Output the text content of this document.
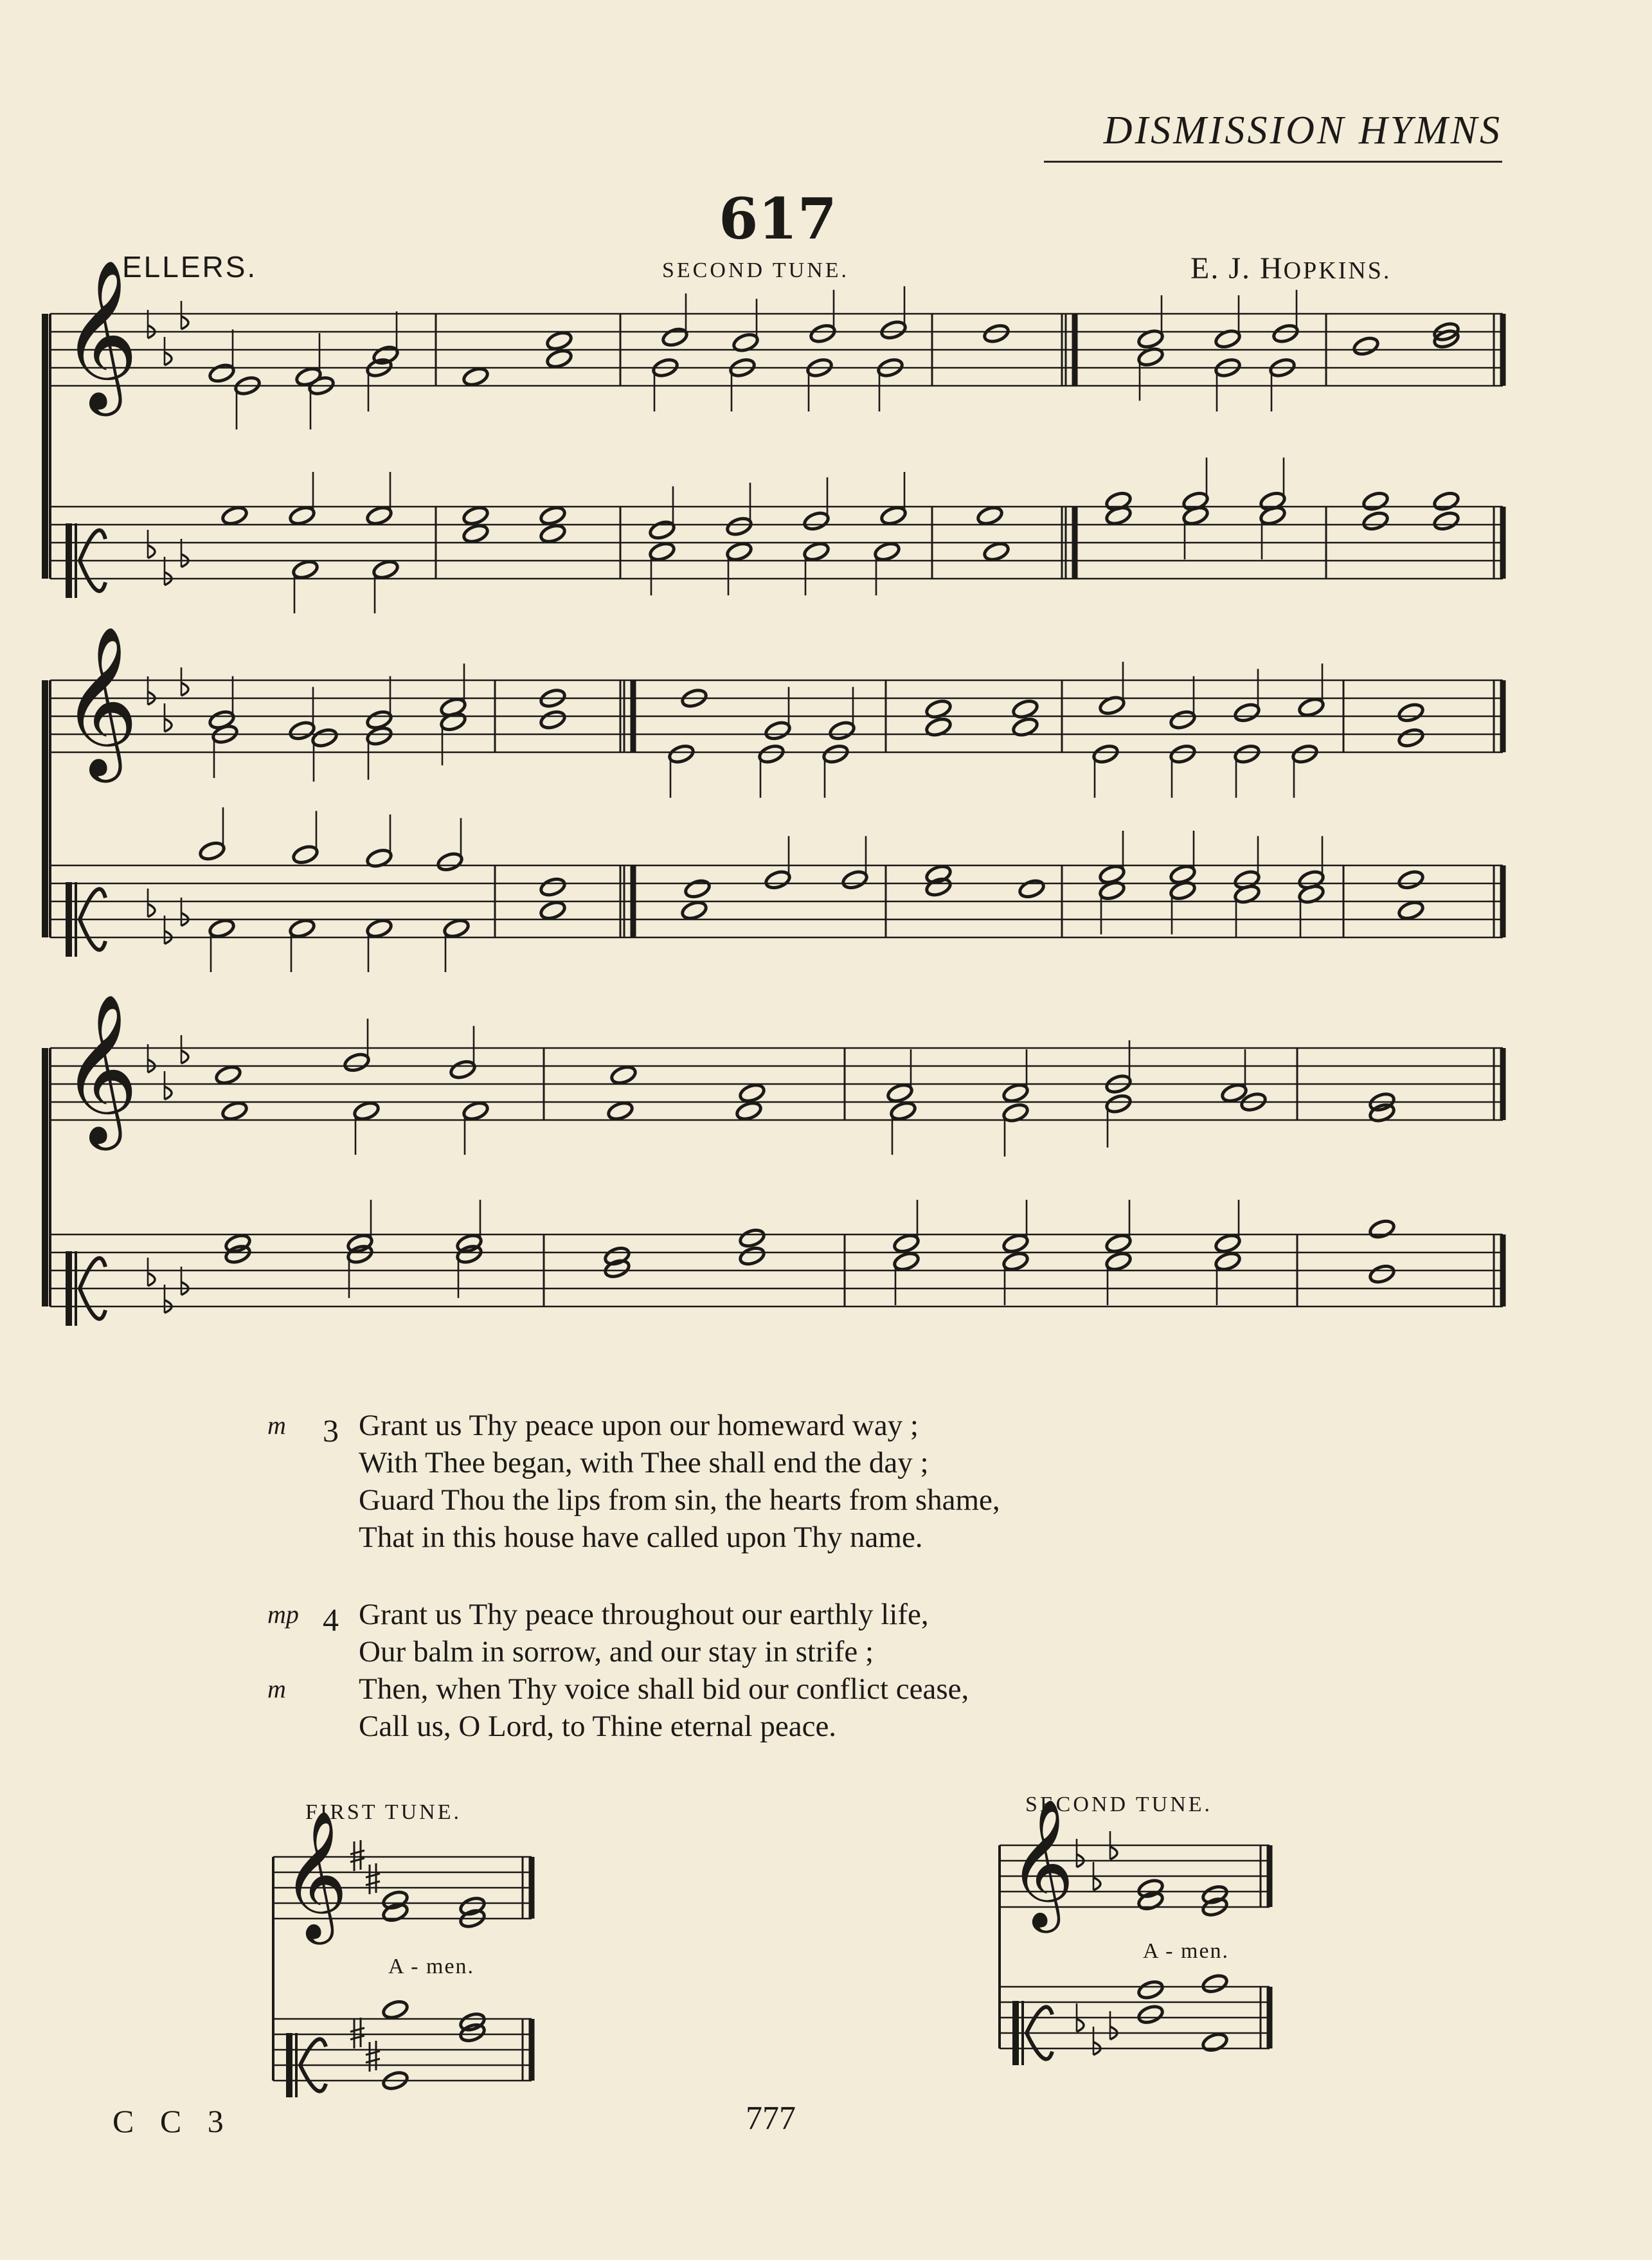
DISMISSION HYMNS
617
ELLERS.	SECOND TUNE.	E. J. HOPKINS.
𝄞
𝄞
𝄞
𝄞	𝄞
m 3 Grant us Thy peace upon our homeward way ;
With Thee began, with Thee shall end the day ;
Guard Thou the lips from sin, the hearts from shame,
That in this house have called upon Thy name.
mp 4 Grant us Thy peace throughout our earthly life,
Our balm in sorrow, and our stay in strife ;
m Then, when Thy voice shall bid our conflict cease,
Call us, O Lord, to Thine eternal peace.
FIRST TUNE.	SECOND TUNE.
A - men.
A - men.
C C 3	777
